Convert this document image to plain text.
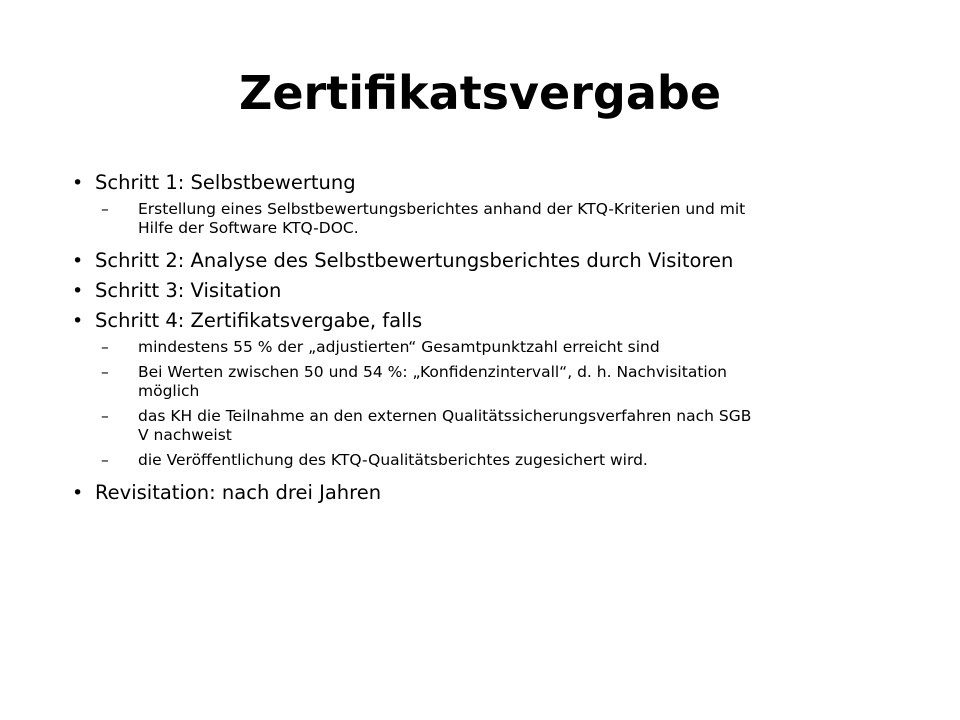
Zertifikatsvergabe
• Schritt 1: Selbstbewertung
– Erstellung eines Selbstbewertungsberichtes anhand der KTQ-Kriterien und mit
Hilfe der Software KTQ-DOC.
• Schritt 2: Analyse des Selbstbewertungsberichtes durch Visitoren
• Schritt 3: Visitation
• Schritt 4: Zertifikatsvergabe, falls
– mindestens 55 % der „adjustierten“ Gesamtpunktzahl erreicht sind
– Bei Werten zwischen 50 und 54 %: „Konfidenzintervall“, d. h. Nachvisitation
möglich
– das KH die Teilnahme an den externen Qualitätssicherungsverfahren nach SGB
V nachweist
– die Veröffentlichung des KTQ-Qualitätsberichtes zugesichert wird.
• Revisitation: nach drei Jahren
